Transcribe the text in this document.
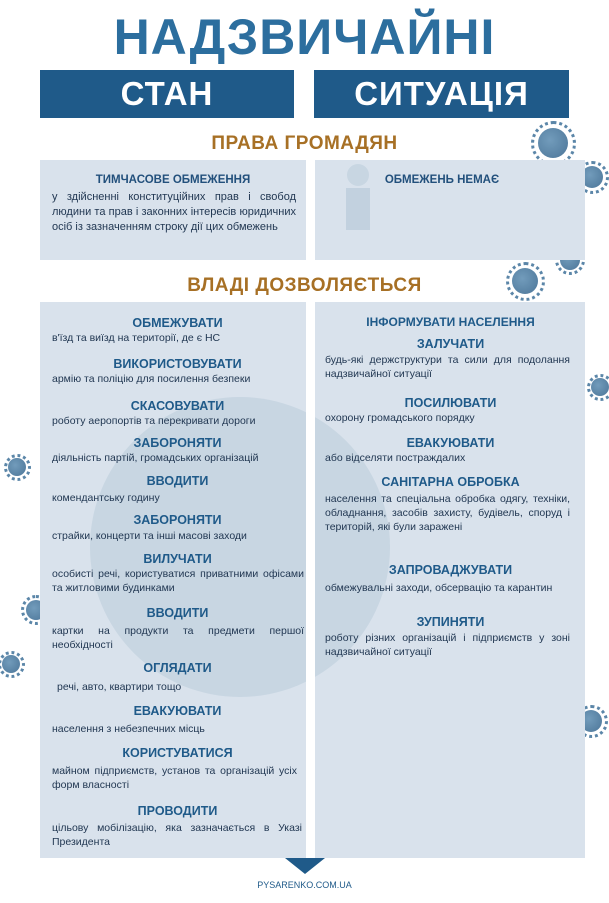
НАДЗВИЧАЙНІ
СТАН	СИТУАЦІЯ
ПРАВА ГРОМАДЯН
ТИМЧАСОВЕ ОБМЕЖЕННЯ
у здійсненні конституційних прав і свобод людини та прав і законних інтересів юридичних осіб із зазначенням строку дії цих обмежень
ОБМЕЖЕНЬ НЕМАЄ
ВЛАДІ ДОЗВОЛЯЄТЬСЯ
ОБМЕЖУВАТИ
в'їзд та виїзд на території, де є НС
ВИКОРИСТОВУВАТИ
армію та поліцію для посилення безпеки
СКАСОВУВАТИ
роботу аеропортів та перекривати дороги
ЗАБОРОНЯТИ
діяльність партій, громадських організацій
ВВОДИТИ
комендантську годину
ЗАБОРОНЯТИ
страйки, концерти та інші масові заходи
ВИЛУЧАТИ
особисті речі, користуватися приватними офісами та житловими будинками
ВВОДИТИ
картки на продукти та предмети першої необхідності
ОГЛЯДАТИ
речі, авто, квартири тощо
ЕВАКУЮВАТИ
населення з небезпечних місць
КОРИСТУВАТИСЯ
майном підприємств, установ та організацій усіх форм власності
ПРОВОДИТИ
цільову мобілізацію, яка зазначається в Указі Президента
ІНФОРМУВАТИ НАСЕЛЕННЯ
ЗАЛУЧАТИ
будь-які держструктури та сили для подолання надзвичайної ситуації
ПОСИЛЮВАТИ
охорону громадського порядку
ЕВАКУЮВАТИ
або відселяти постраждалих
САНІТАРНА ОБРОБКА
населення та спеціальна обробка одягу, техніки, обладнання, засобів захисту, будівель, споруд і територій, які були заражені
ЗАПРОВАДЖУВАТИ
обмежувальні заходи, обсервацію та карантин
ЗУПИНЯТИ
роботу різних організацій і підприємств у зоні надзвичайної ситуації
PYSARENKO.COM.UA
